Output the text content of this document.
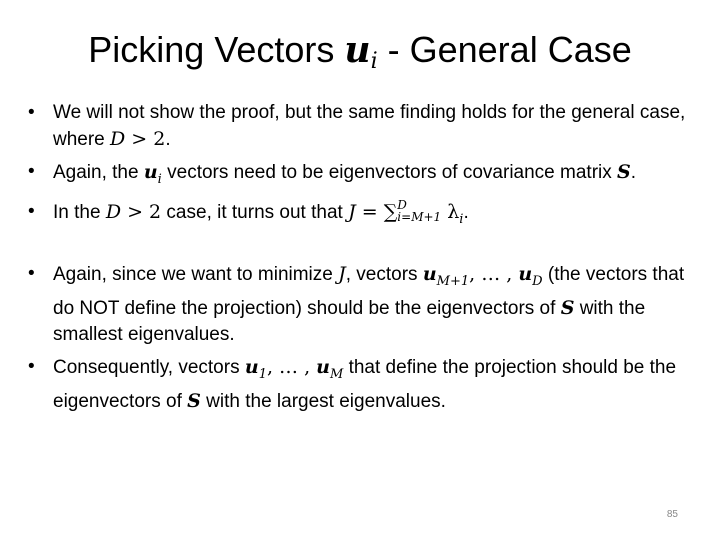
Picking Vectors $u_i$ - General Case
• We will not show the proof, but the same finding holds for the general case, where D > 2.
• Again, the $u_i$ vectors need to be eigenvectors of covariance matrix S.
• In the D > 2 case, it turns out that J = ∑ D
i=M+1 $\lambda_i$.
• Again, since we want to minimize J, vectors $u_{M+1}$, … , $u_D$ (the vectors that do NOT define the projection) should be the eigenvectors of S with the smallest eigenvalues.
• Consequently, vectors $u_1$, … , $u_M$ that define the projection should be the eigenvectors of S with the largest eigenvalues.
85
